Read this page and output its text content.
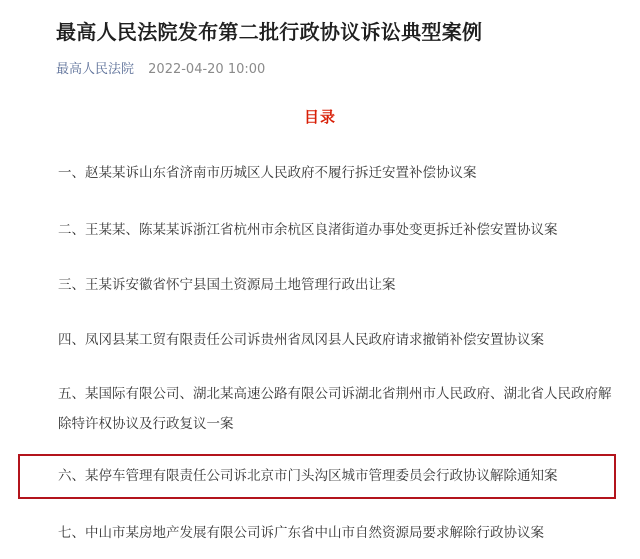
最高人民法院发布第二批行政协议诉讼典型案例
最高人民法院 2022-04-20 10:00
目录
一、赵某某诉山东省济南市历城区人民政府不履行拆迁安置补偿协议案
二、王某某、陈某某诉浙江省杭州市余杭区良渚街道办事处变更拆迁补偿安置协议案
三、王某诉安徽省怀宁县国土资源局土地管理行政出让案
四、凤冈县某工贸有限责任公司诉贵州省凤冈县人民政府请求撤销补偿安置协议案
五、某国际有限公司、湖北某高速公路有限公司诉湖北省荆州市人民政府、湖北省人民政府解除特许权协议及行政复议一案
六、某停车管理有限责任公司诉北京市门头沟区城市管理委员会行政协议解除通知案
七、中山市某房地产发展有限公司诉广东省中山市自然资源局要求解除行政协议案
